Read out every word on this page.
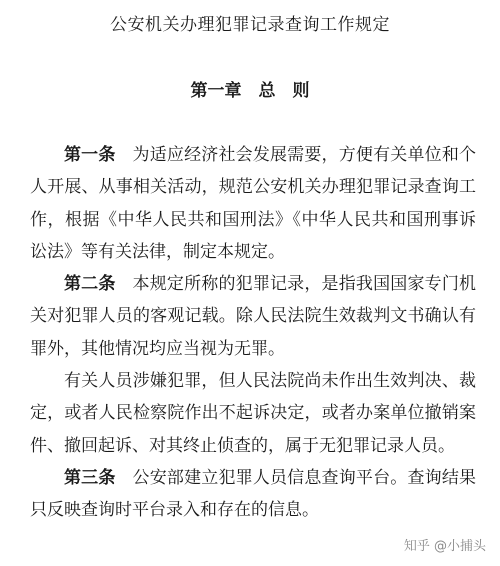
公安机关办理犯罪记录查询工作规定
第一章　总　则

第一条 为适应经济社会发展需要，方便有关单位和个人开展、从事相关活动，规范公安机关办理犯罪记录查询工作，根据《中华人民共和国刑法》《中华人民共和国刑事诉讼法》等有关法律，制定本规定。

第二条 本规定所称的犯罪记录，是指我国国家专门机关对犯罪人员的客观记载。除人民法院生效裁判文书确认有罪外，其他情况均应当视为无罪。

有关人员涉嫌犯罪，但人民法院尚未作出生效判决、裁定，或者人民检察院作出不起诉决定，或者办案单位撤销案件、撤回起诉、对其终止侦查的，属于无犯罪记录人员。

第三条 公安部建立犯罪人员信息查询平台。查询结果只反映查询时平台录入和存在的信息。

知乎 @小捕头
